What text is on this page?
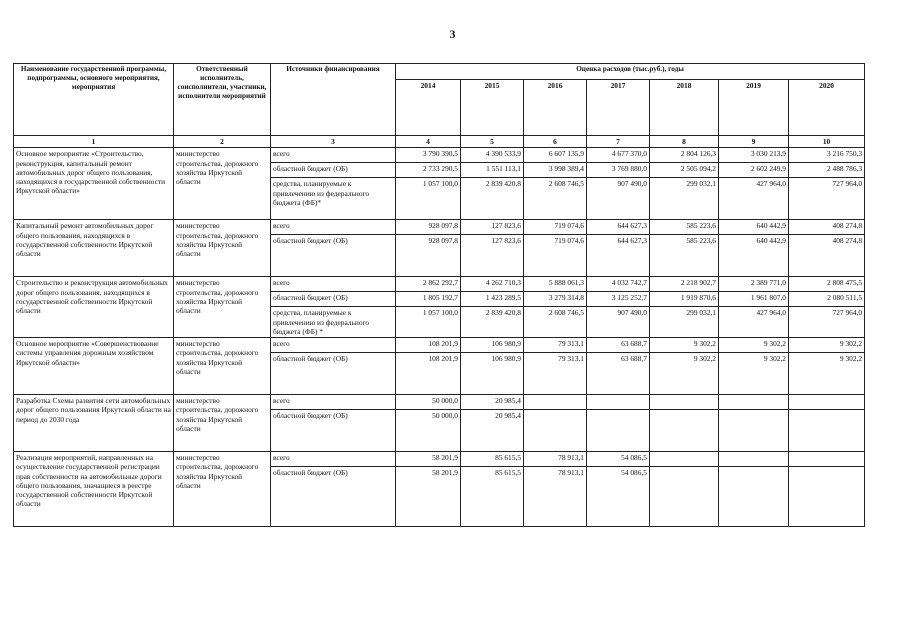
3
Наименование государственной программы, подпрограммы, основного мероприятия, мероприятия	Ответственный исполнитель, соисполнители, участники, исполнители мероприятий	Источники финансирования	Оценка расходов (тыс.руб.), годы						
			2014	2015	2016	2017	2018	2019	2020
1	2	3	4	5	6	7	8	9	10
Основное мероприятие «Строительство, реконструкция, капитальный ремонт автомобильных дорог общего пользования, находящихся в государственной собственности Иркутской области»	министерство строительства, дорожного хозяйства Иркутской области	всего	3 790 390,5	4 390 533,9	6 607 135,9	4 677 370,0	2 804 126,3	3 030 213,9	3 216 750,3
		областной бюджет (ОБ)	2 733 290,5	1 551 113,1	3 998 389,4	3 769 880,0	2 505 094,2	2 602 249,9	2 488 786,3
		средства, планируемые к привлечению из федерального бюджета (ФБ)*	1 057 100,0	2 839 420,8	2 608 746,5	907 490,0	299 032,1	427 964,0	727 964,0
Капитальный ремонт автомобильных дорог общего пользования, находящихся в государственной собственности Иркутской области	министерство строительства, дорожного хозяйства Иркутской области	всего	928 097,8	127 823,6	719 074,6	644 627,3	585 223,6	640 442,9	408 274,8
		областной бюджет (ОБ)	928 097,8	127 823,6	719 074,6	644 627,3	585 223,6	640 442,9	408 274,8
Строительство и реконструкция автомобильных дорог общего пользования, находящихся в государственной собственности Иркутской области	министерство строительства, дорожного хозяйства Иркутской области	всего	2 862 292,7	4 262 710,3	5 888 061,3	4 032 742,7	2 218 902,7	2 389 771,0	2 808 475,5
		областной бюджет (ОБ)	1 805 192,7	1 423 289,5	3 279 314,8	3 125 252,7	1 919 870,6	1 961 807,0	2 080 511,5
		средства, планируемые к привлечению из федерального бюджета (ФБ) *	1 057 100,0	2 839 420,8	2 608 746,5	907 490,0	299 032,1	427 964,0	727 964,0
Основное мероприятие «Совершенствование системы управления дорожным хозяйством Иркутской области»	министерство строительства, дорожного хозяйства Иркутской области	всего	108 201,9	106 980,9	79 313,1	63 688,7	9 302,2	9 302,2	9 302,2
		областной бюджет (ОБ)	108 201,9	106 980,9	79 313,1	63 688,7	9 302,2	9 302,2	9 302,2
Разработка Схемы развития сети автомобильных дорог общего пользования Иркутской области на период до 2030 года	министерство строительства, дорожного хозяйства Иркутской области	всего	50 000,0	20 985,4					
		областной бюджет (ОБ)	50 000,0	20 985,4					
Реализация мероприятий, направленных на осуществление государственной регистрации прав собственности на автомобильные дороги общего пользования, значащиеся в реестре государственной собственности Иркутской области	министерство строительства, дорожного хозяйства Иркутской области	всего	58 201,9	85 615,5	78 913,1	54 086,5			
		областной бюджет (ОБ)	58 201,9	85 615,5	78 913,1	54 086,5			
